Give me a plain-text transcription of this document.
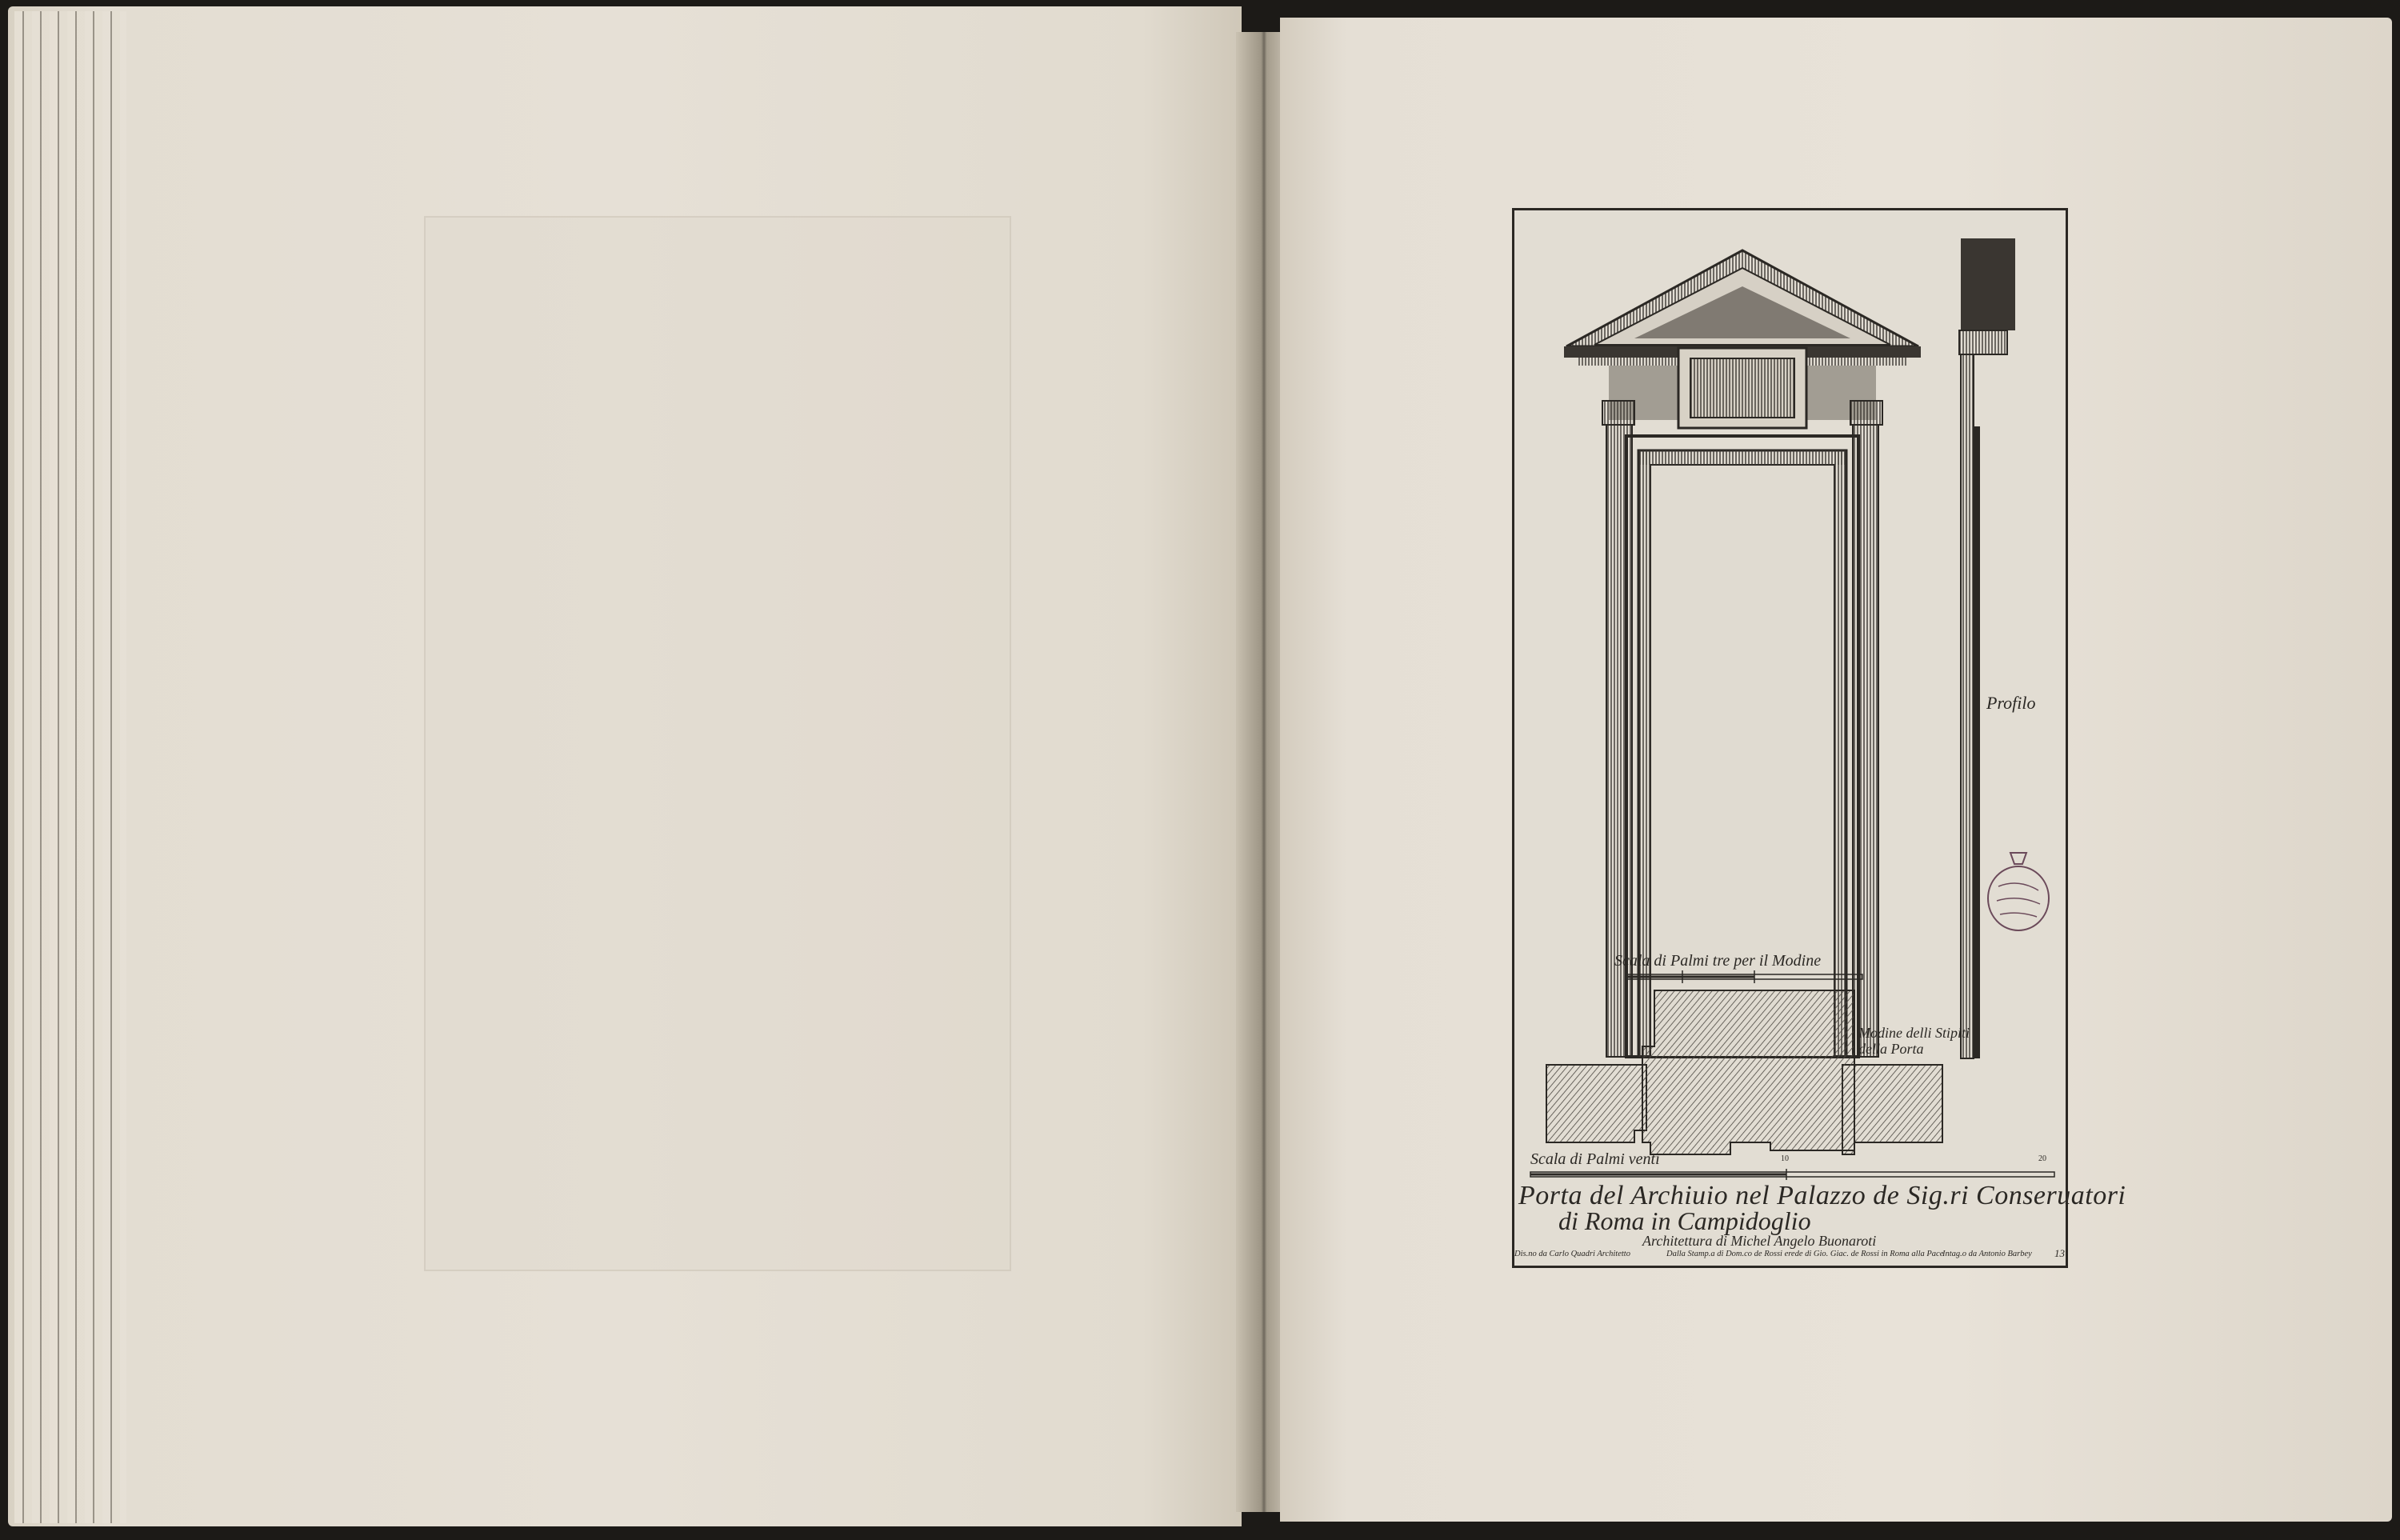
Profilo
Scala di Palmi tre per il Modine
Modine delli Stipiti della Porta
Scala di Palmi venti	10	20
Porta del Archiuio nel Palazzo de Sig.ri Conseruatori
di Roma in Campidoglio
Architettura di Michel Angelo Buonaroti
Dis.no da Carlo Quadri Architetto	Dalla Stamp.a di Dom.co de Rossi erede di Gio. Giac. de Rossi in Roma alla Pace
Intag.o da Antonio Barbey 13
